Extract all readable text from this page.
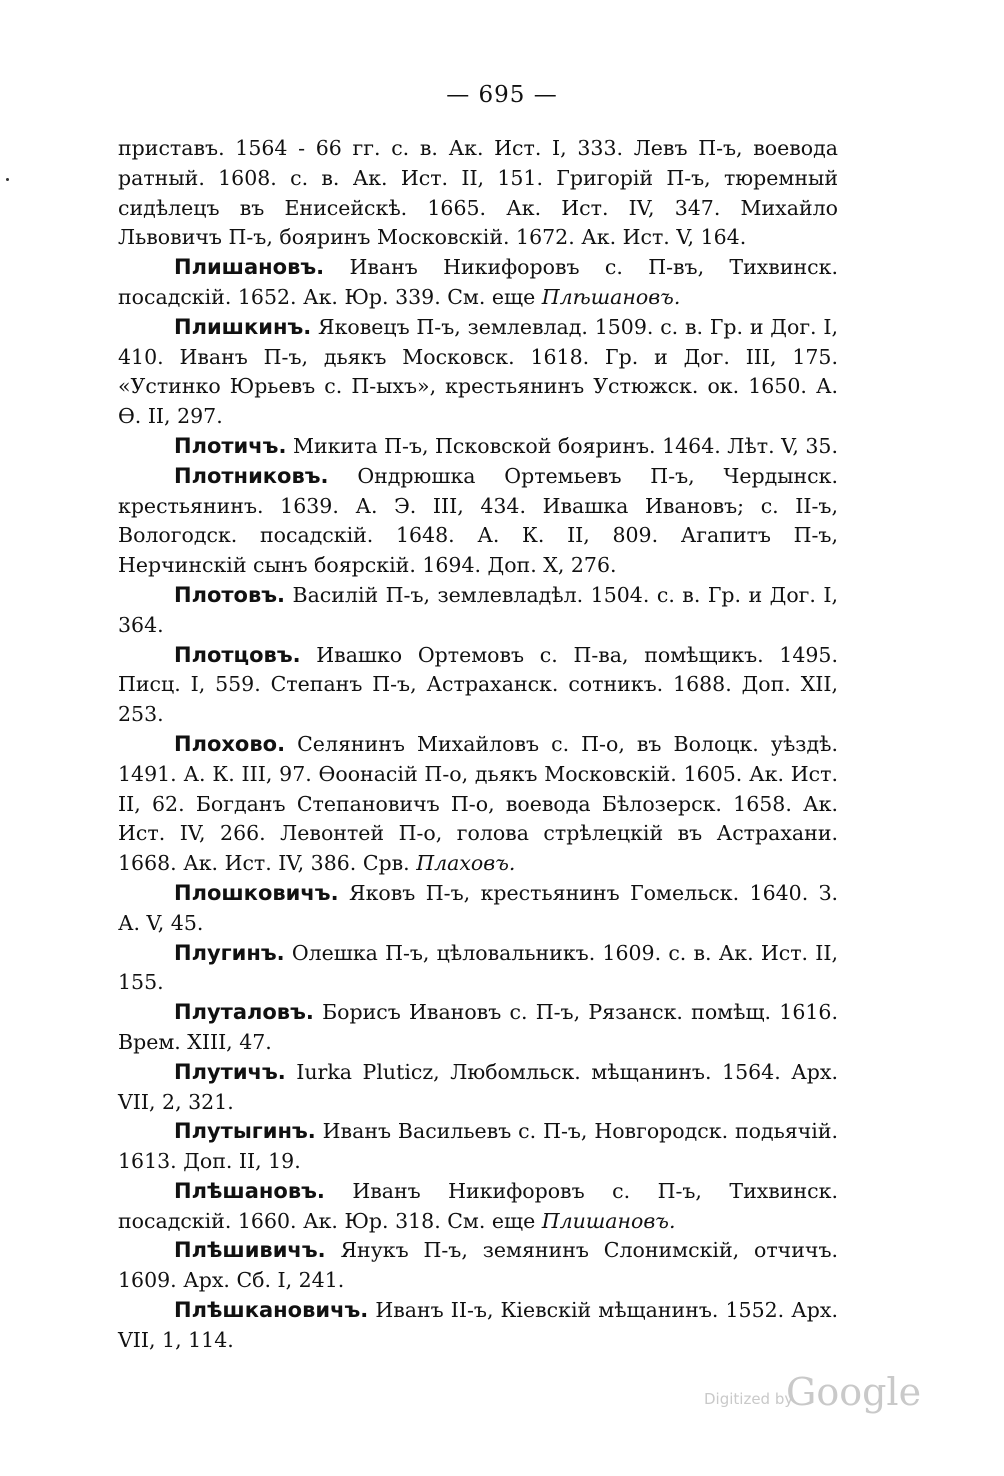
— 695 —

приставъ. 1564 - 66 гг. с. в. Ак. Ист. I, 333. Левъ П-ъ, воевода ратный. 1608. с. в. Ак. Ист. II, 151. Григорій П-ъ, тюремный сидѣлецъ въ Енисейскѣ. 1665. Ак. Ист. IV, 347. Михайло Львовичъ П-ъ, бояринъ Московскій. 1672. Ак. Ист. V, 164.

Плишановъ. Иванъ Никифоровъ с. П-въ, Тихвинск. посадскій. 1652. Ак. Юр. 339. См. еще Плѣшановъ.

Плишкинъ. Яковецъ П-ъ, землевлад. 1509. с. в. Гр. и Дог. I, 410. Иванъ П-ъ, дьякъ Московск. 1618. Гр. и Дог. III, 175. «Устинко Юрьевъ с. П-ыхъ», крестьянинъ Устюжск. ок. 1650. А. Ѳ. II, 297.

Плотичъ. Микита П-ъ, Псковской бояринъ. 1464. Лѣт. V, 35.

Плотниковъ. Ондрюшка Ортемьевъ П-ъ, Чердынск. крестьянинъ. 1639. А. Э. III, 434. Ивашка Ивановъ; с. II-ъ, Вологодск. посадскій. 1648. А. К. II, 809. Агапитъ П-ъ, Нерчинскій сынъ боярскій. 1694. Доп. X, 276.

Плотовъ. Василій П-ъ, землевладѣл. 1504. с. в. Гр. и Дог. I, 364.

Плотцовъ. Ивашко Ортемовъ с. П-ва, помѣщикъ. 1495. Писц. I, 559. Степанъ П-ъ, Астраханск. сотникъ. 1688. Доп. XII, 253.

Плохово. Селянинъ Михайловъ с. П-о, въ Волоцк. уѣздѣ. 1491. А. К. III, 97. Ѳоонасій П-о, дьякъ Московскій. 1605. Ак. Ист. II, 62. Богданъ Степановичъ П-о, воевода Бѣлозерск. 1658. Ак. Ист. IV, 266. Левонтей П-о, голова стрѣлецкій въ Астрахани. 1668. Ак. Ист. IV, 386. Срв. Плаховъ.

Плошковичъ. Яковъ П-ъ, крестьянинъ Гомельск. 1640. З. А. V, 45.

Плугинъ. Олешка П-ъ, цѣловальникъ. 1609. с. в. Ак. Ист. II, 155.

Плуталовъ. Борисъ Ивановъ с. П-ъ, Рязанск. помѣщ. 1616. Врем. XIII, 47.

Плутичъ. Iurka Pluticz, Любомльск. мѣщанинъ. 1564. Арх. VII, 2, 321.

Плутыгинъ. Иванъ Васильевъ с. П-ъ, Новгородск. подьячій. 1613. Доп. II, 19.

Плѣшановъ. Иванъ Никифоровъ с. П-ъ, Тихвинск. посадскій. 1660. Ак. Юр. 318. См. еще Плишановъ.

Плѣшивичъ. Янукъ П-ъ, земянинъ Слонимскій, отчичъ. 1609. Арх. Сб. I, 241.

Плѣшкановичъ. Иванъ II-ъ, Кіевскій мѣщанинъ. 1552. Арх. VII, 1, 114.

Digitized by
Google
